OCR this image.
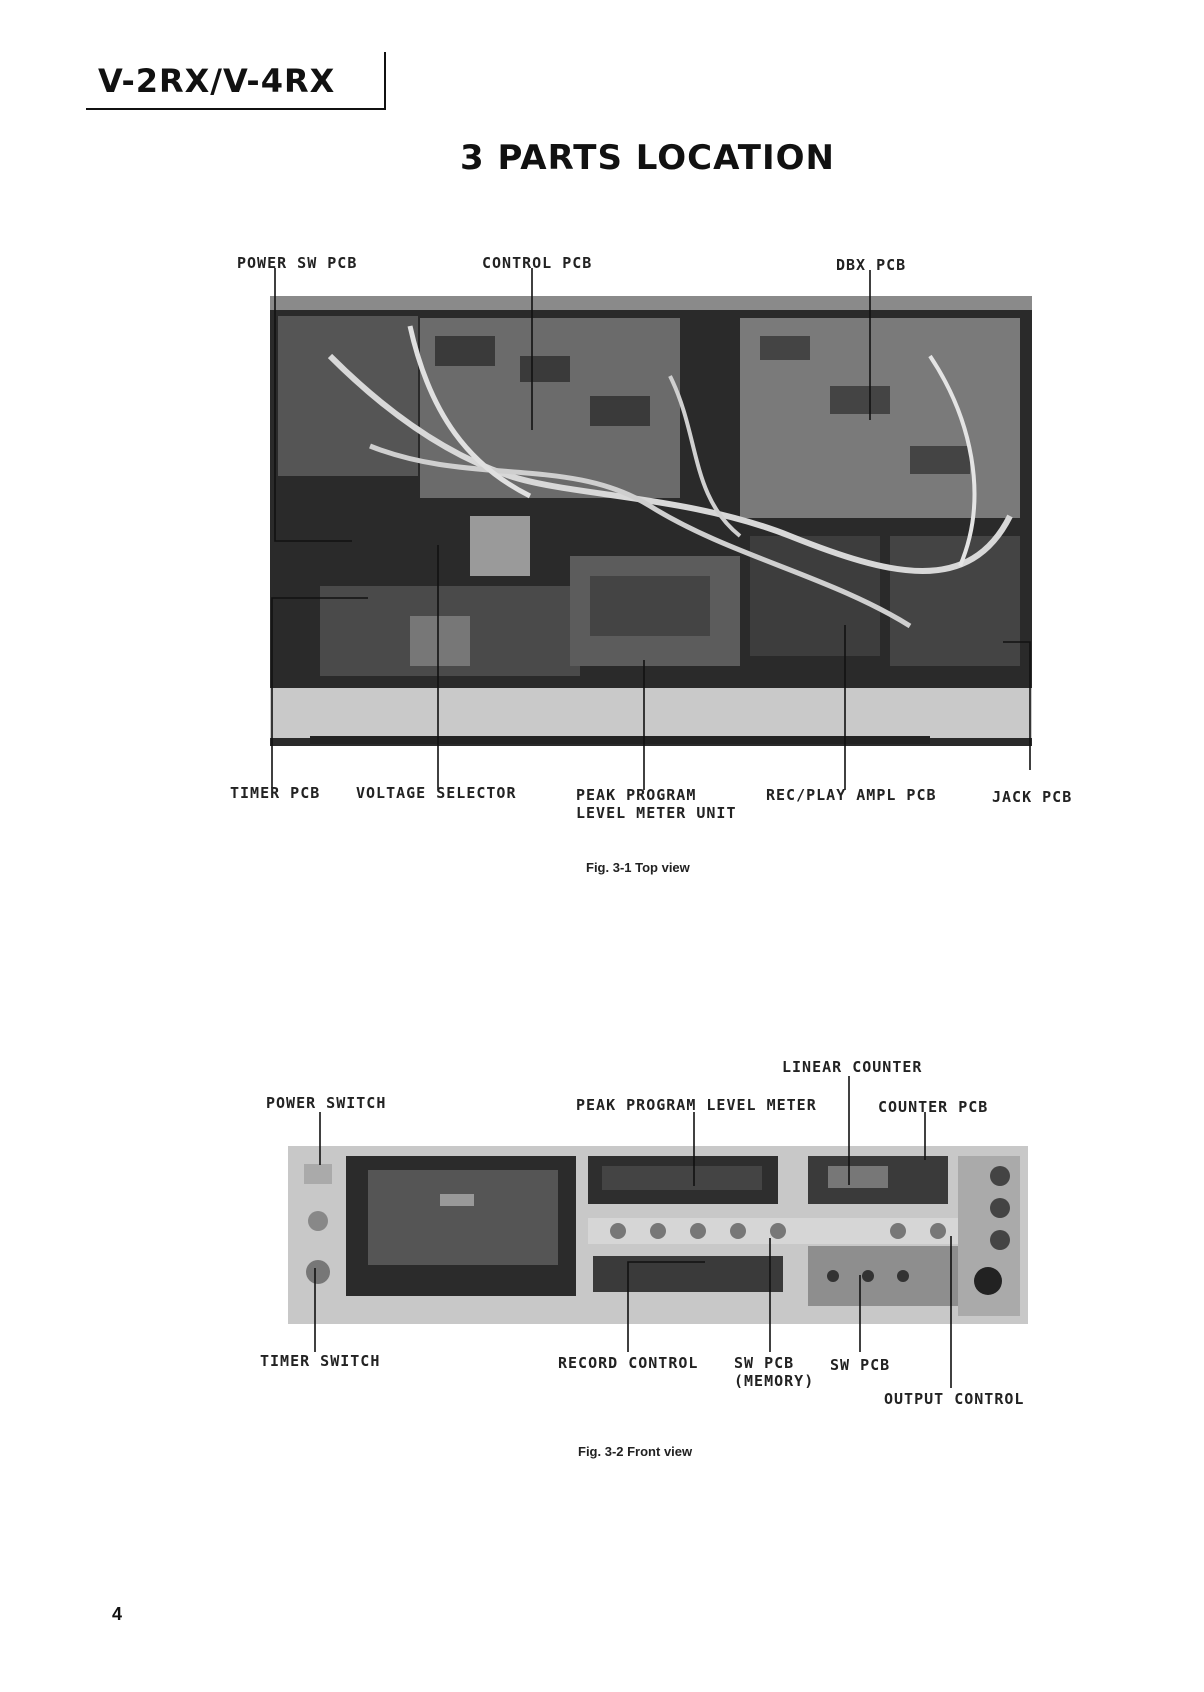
V-2RX/V-4RX
3 PARTS LOCATION
POWER SW PCB	CONTROL PCB	DBX PCB
TIMER PCB VOLTAGE SELECTOR	PEAK PROGRAM
LEVEL METER UNIT
REC/PLAY AMPL PCB	JACK PCB
Fig. 3-1 Top view
LINEAR COUNTER
POWER SWITCH	PEAK PROGRAM LEVEL METER	COUNTER PCB
TIMER SWITCH	RECORD CONTROL SW PCB
(MEMORY)
SW PCB
OUTPUT CONTROL
Fig. 3-2 Front view
4
